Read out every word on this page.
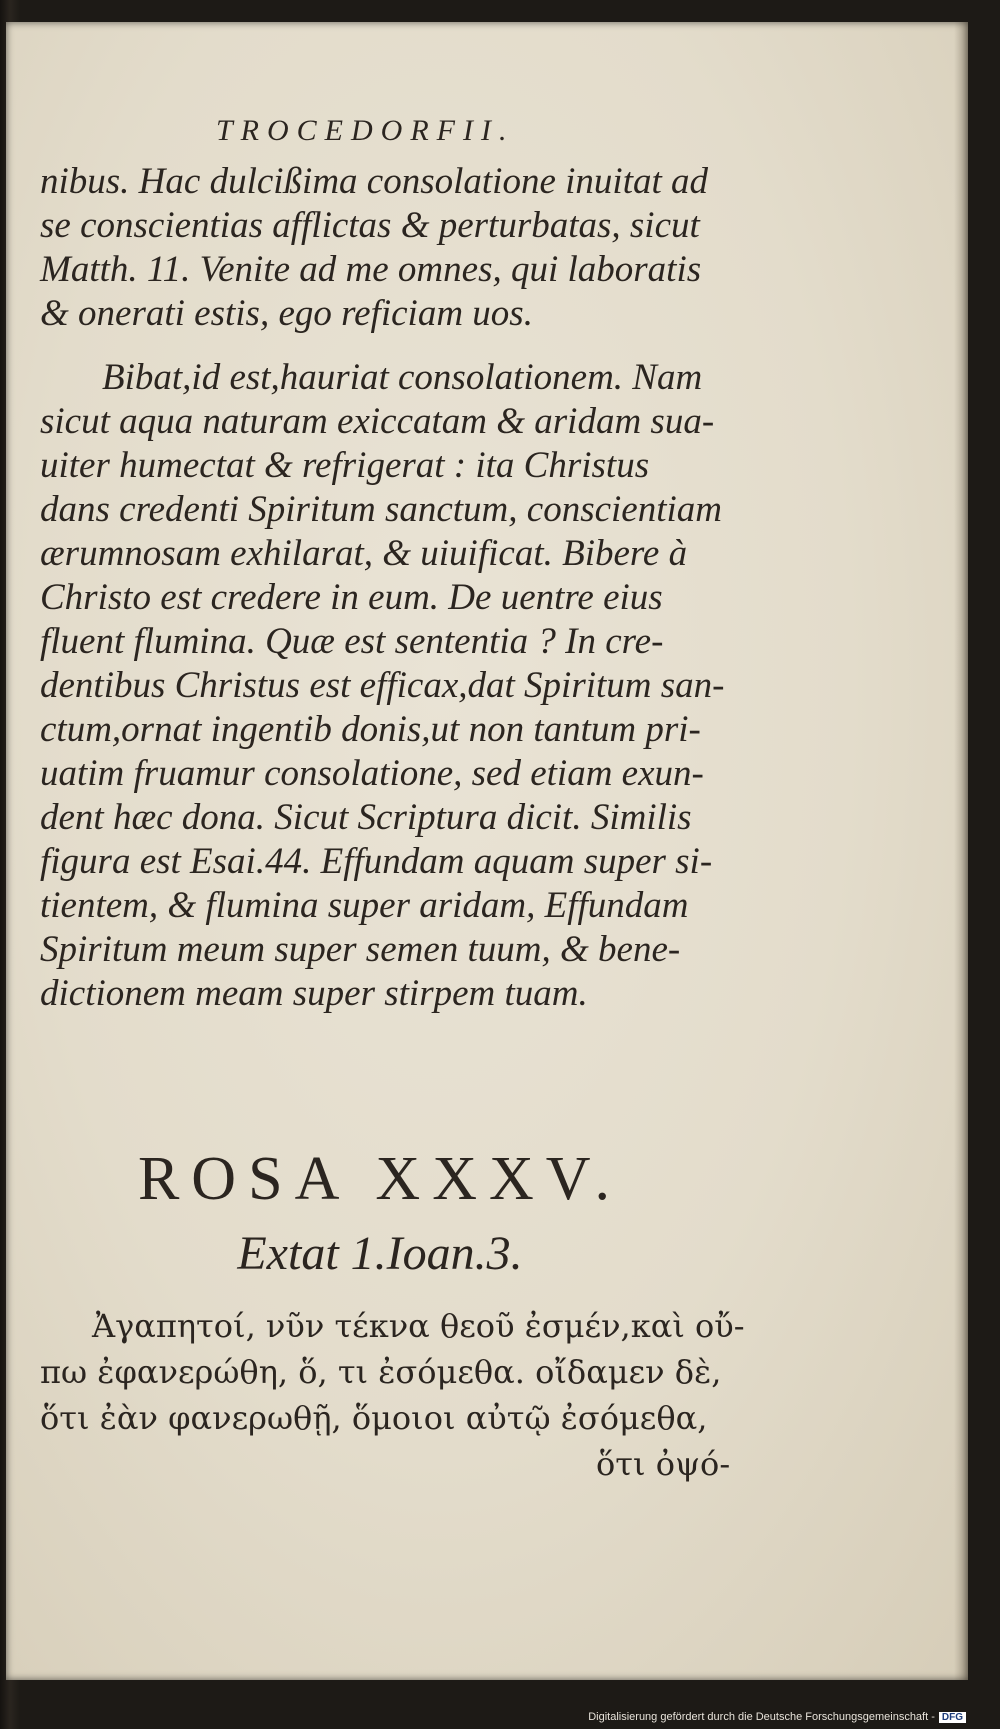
TROCEDORFII.
nibus. Hac dulcißima consolatione inuitat ad
se conscientias afflictas & perturbatas, sicut
Matth. 11. Venite ad me omnes, qui laboratis
& onerati estis, ego reficiam uos.
Bibat,id est,hauriat consolationem. Nam
sicut aqua naturam exiccatam & aridam sua-
uiter humectat & refrigerat : ita Christus
dans credenti Spiritum sanctum, conscientiam
ærumnosam exhilarat, & uiuificat. Bibere à
Christo est credere in eum. De uentre eius
fluent flumina. Quæ est sententia ? In cre-
dentibus Christus est efficax,dat Spiritum san-
ctum,ornat ingentib donis,ut non tantum pri-
uatim fruamur consolatione, sed etiam exun-
dent hæc dona. Sicut Scriptura dicit. Similis
figura est Esai.44. Effundam aquam super si-
tientem, & flumina super aridam, Effundam
Spiritum meum super semen tuum, & bene-
dictionem meam super stirpem tuam.
Ἀγαπητοί, νῦν τέκνα θεοῦ ἐσμέν,καὶ οὔ-
πω ἐφανερώθη, ὅ, τι ἐσόμεθα. οἴδαμεν δὲ,
ὅτι ἐὰν φανερωθῇ, ὅμοιοι αὐτῷ ἐσόμεθα,
ὅτι ὀψό-
ROSA XXXV.
Extat 1.Ioan.3.
Digitalisierung gefördert durch die Deutsche Forschungsgemeinschaft - DFG
